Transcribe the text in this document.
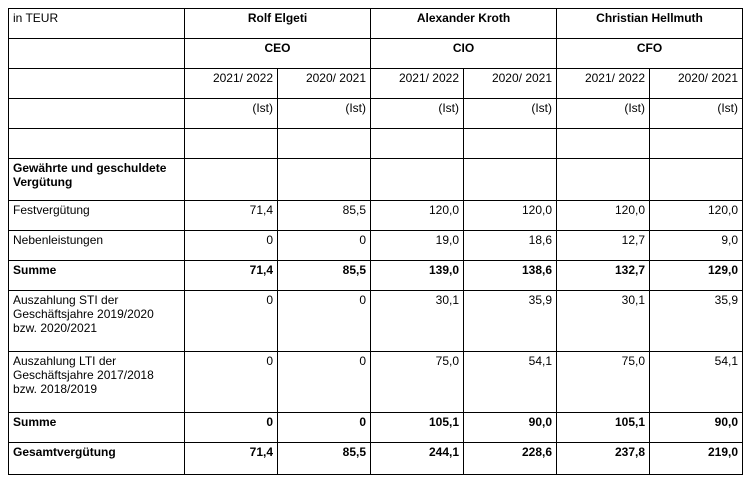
in TEUR	Rolf Elgeti		Alexander Kroth		Christian Hellmuth	
	CEO		CIO		CFO	
	2021/ 2022	2020/ 2021	2021/ 2022	2020/ 2021	2021/ 2022	2020/ 2021
	(Ist)	(Ist)	(Ist)	(Ist)	(Ist)	(Ist)

Gewährte und geschuldete Vergütung						
Festvergütung	71,4	85,5	120,0	120,0	120,0	120,0
Nebenleistungen	0	0	19,0	18,6	12,7	9,0
Summe	71,4	85,5	139,0	138,6	132,7	129,0
Auszahlung STI der Geschäftsjahre 2019/2020 bzw. 2020/2021	0	0	30,1	35,9	30,1	35,9
Auszahlung LTI der Geschäftsjahre 2017/2018 bzw. 2018/2019	0	0	75,0	54,1	75,0	54,1
Summe	0	0	105,1	90,0	105,1	90,0
Gesamtvergütung	71,4	85,5	244,1	228,6	237,8	219,0
